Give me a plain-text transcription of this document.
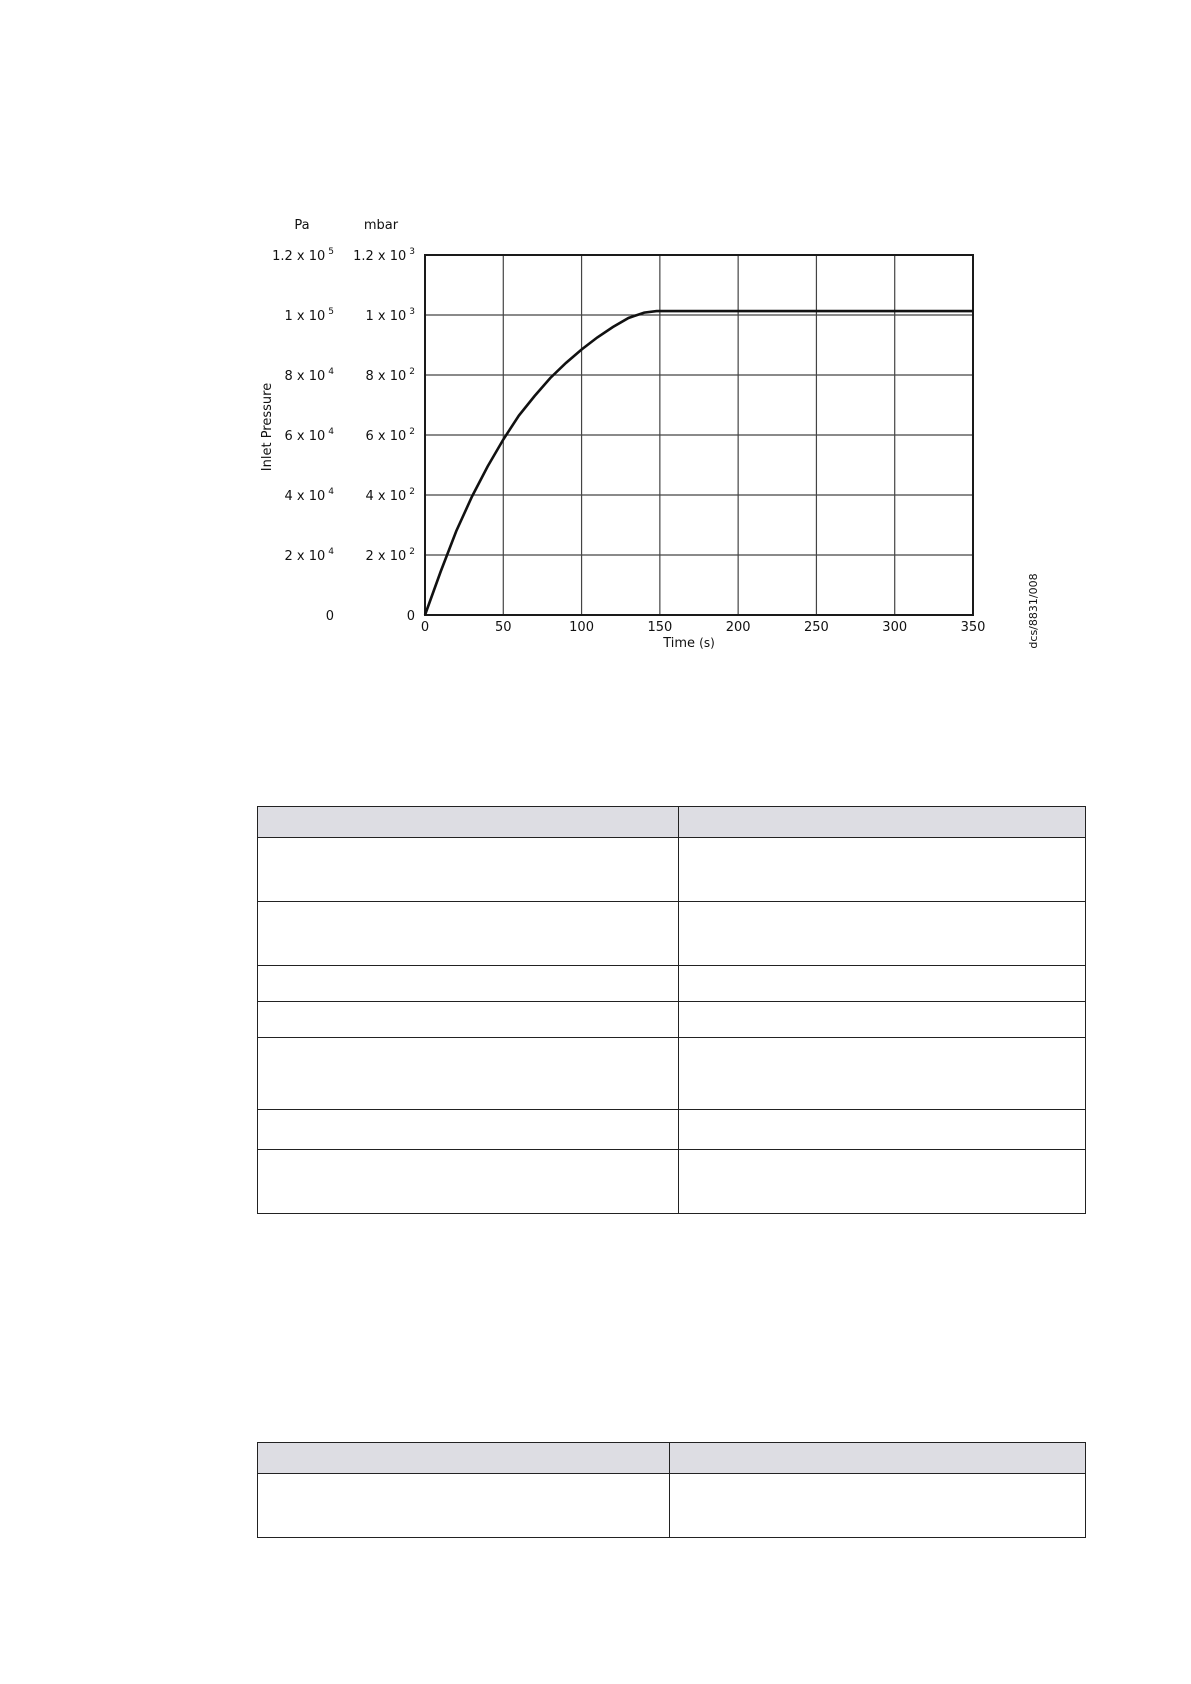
0
2 x 10 $^4$
4 x 10 $^4$
6 x 10 $^4$
8 x 10 $^4$
1 x 10 $^5$
1.2 x 10 $^5$
0
2 x 10 $^2$
4 x 10 $^2$
6 x 10 $^2$
8 x 10 $^2$
1 x 10 $^3$
1.2 x 10 $^3$
0	50	100	150	200	250	300	350
Pa	mbar
Inlet Pressure
Time (s)	dcs/8831/008
